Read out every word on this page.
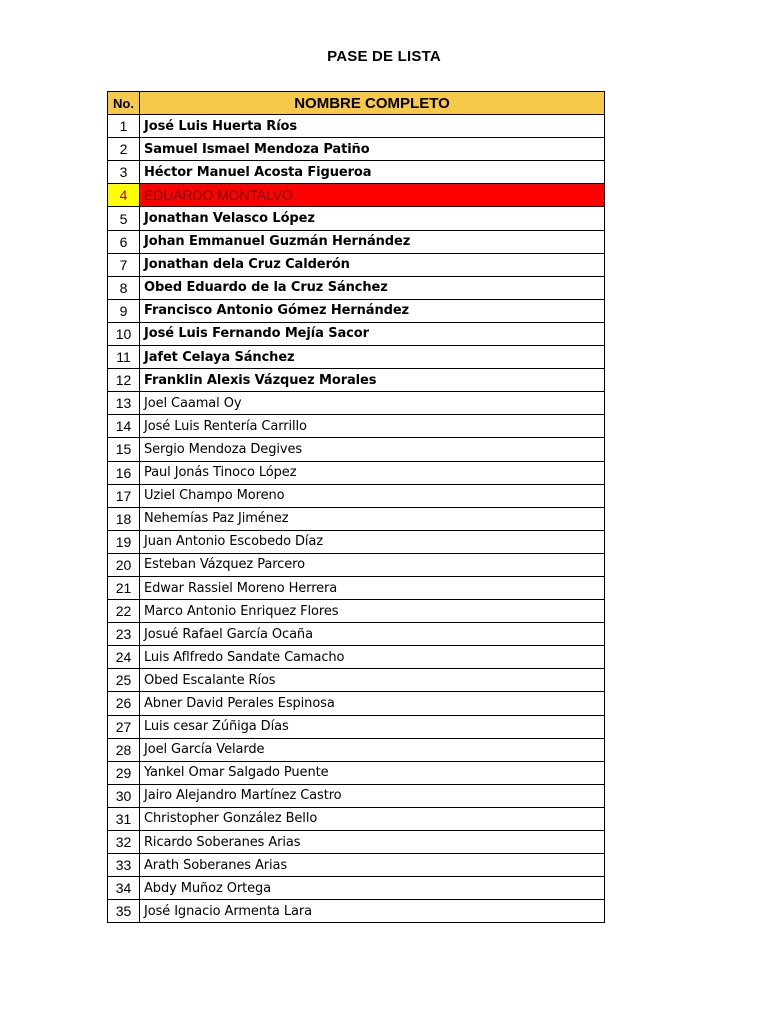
PASE DE LISTA
No.	NOMBRE COMPLETO
1	José Luis Huerta Ríos
2	Samuel Ismael Mendoza Patiño
3	Héctor Manuel Acosta Figueroa
4	EDUARDO MONTALVO
5	Jonathan Velasco López
6	Johan Emmanuel Guzmán Hernández
7	Jonathan dela Cruz Calderón
8	Obed Eduardo de la Cruz Sánchez
9	Francisco Antonio Gómez Hernández
10	José Luis Fernando Mejía Sacor
11	Jafet Celaya Sánchez
12	Franklin Alexis Vázquez Morales
13	Joel Caamal Oy
14	José Luis Rentería Carrillo
15	Sergio Mendoza Degives
16	Paul Jonás Tinoco López
17	Uziel Champo Moreno
18	Nehemías Paz Jiménez
19	Juan Antonio Escobedo Díaz
20	Esteban Vázquez Parcero
21	Edwar Rassiel Moreno Herrera
22	Marco Antonio Enriquez Flores
23	Josué Rafael García Ocaña
24	Luis Aflfredo Sandate Camacho
25	Obed Escalante Ríos
26	Abner David Perales Espinosa
27	Luis cesar Zúñiga Días
28	Joel García Velarde
29	Yankel Omar Salgado Puente
30	Jairo Alejandro Martínez Castro
31	Christopher González Bello
32	Ricardo Soberanes Arias
33	Arath Soberanes Arias
34	Abdy Muñoz Ortega
35	José Ignacio Armenta Lara
